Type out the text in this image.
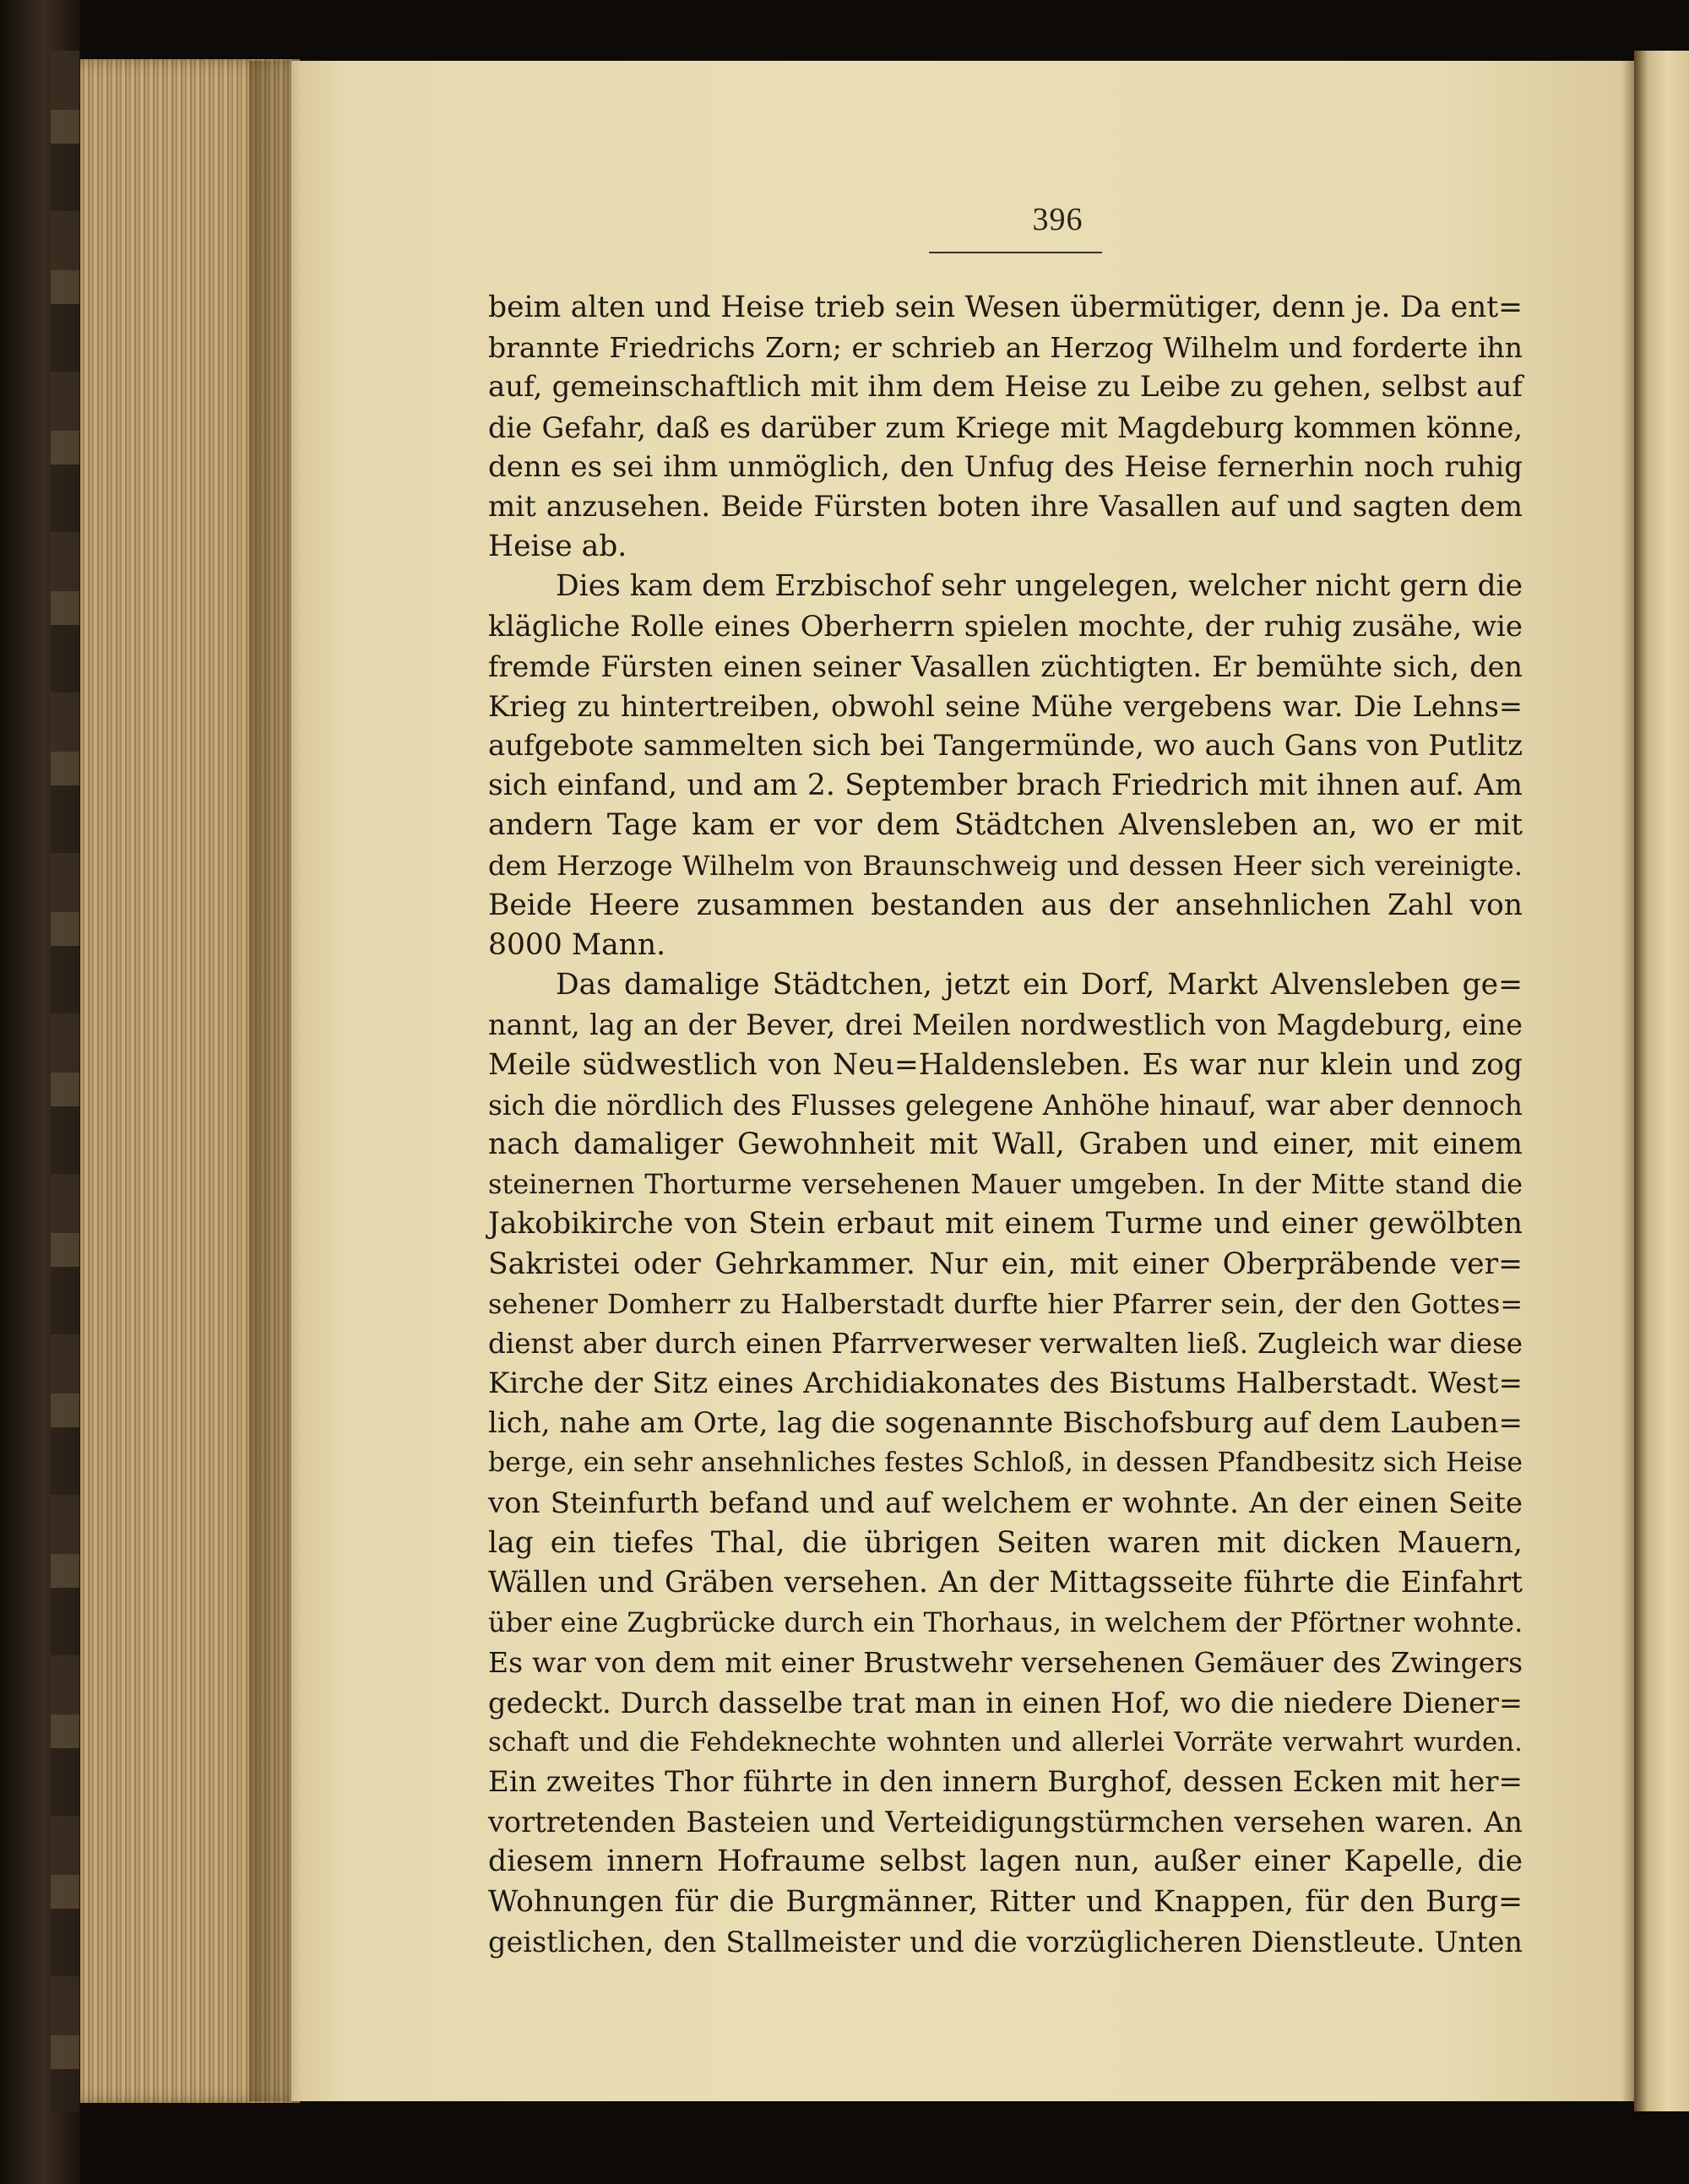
396
beim alten und Heise trieb sein Wesen übermütiger, denn je. Da ent=
brannte Friedrichs Zorn; er schrieb an Herzog Wilhelm und forderte ihn
auf, gemeinschaftlich mit ihm dem Heise zu Leibe zu gehen, selbst auf
die Gefahr, daß es darüber zum Kriege mit Magdeburg kommen könne,
denn es sei ihm unmöglich, den Unfug des Heise fernerhin noch ruhig
mit anzusehen. Beide Fürsten boten ihre Vasallen auf und sagten dem
Heise ab.
Dies kam dem Erzbischof sehr ungelegen, welcher nicht gern die
klägliche Rolle eines Oberherrn spielen mochte, der ruhig zusähe, wie
fremde Fürsten einen seiner Vasallen züchtigten. Er bemühte sich, den
Krieg zu hintertreiben, obwohl seine Mühe vergebens war. Die Lehns=
aufgebote sammelten sich bei Tangermünde, wo auch Gans von Putlitz
sich einfand, und am 2. September brach Friedrich mit ihnen auf. Am
andern Tage kam er vor dem Städtchen Alvensleben an, wo er mit
dem Herzoge Wilhelm von Braunschweig und dessen Heer sich vereinigte.
Beide Heere zusammen bestanden aus der ansehnlichen Zahl von
8000 Mann.
Das damalige Städtchen, jetzt ein Dorf, Markt Alvensleben ge=
nannt, lag an der Bever, drei Meilen nordwestlich von Magdeburg, eine
Meile südwestlich von Neu=Haldensleben. Es war nur klein und zog
sich die nördlich des Flusses gelegene Anhöhe hinauf, war aber dennoch
nach damaliger Gewohnheit mit Wall, Graben und einer, mit einem
steinernen Thorturme versehenen Mauer umgeben. In der Mitte stand die
Jakobikirche von Stein erbaut mit einem Turme und einer gewölbten
Sakristei oder Gehrkammer. Nur ein, mit einer Oberpräbende ver=
sehener Domherr zu Halberstadt durfte hier Pfarrer sein, der den Gottes=
dienst aber durch einen Pfarrverweser verwalten ließ. Zugleich war diese
Kirche der Sitz eines Archidiakonates des Bistums Halberstadt. West=
lich, nahe am Orte, lag die sogenannte Bischofsburg auf dem Lauben=
berge, ein sehr ansehnliches festes Schloß, in dessen Pfandbesitz sich Heise
von Steinfurth befand und auf welchem er wohnte. An der einen Seite
lag ein tiefes Thal, die übrigen Seiten waren mit dicken Mauern,
Wällen und Gräben versehen. An der Mittagsseite führte die Einfahrt
über eine Zugbrücke durch ein Thorhaus, in welchem der Pförtner wohnte.
Es war von dem mit einer Brustwehr versehenen Gemäuer des Zwingers
gedeckt. Durch dasselbe trat man in einen Hof, wo die niedere Diener=
schaft und die Fehdeknechte wohnten und allerlei Vorräte verwahrt wurden.
Ein zweites Thor führte in den innern Burghof, dessen Ecken mit her=
vortretenden Basteien und Verteidigungstürmchen versehen waren. An
diesem innern Hofraume selbst lagen nun, außer einer Kapelle, die
Wohnungen für die Burgmänner, Ritter und Knappen, für den Burg=
geistlichen, den Stallmeister und die vorzüglicheren Dienstleute. Unten
